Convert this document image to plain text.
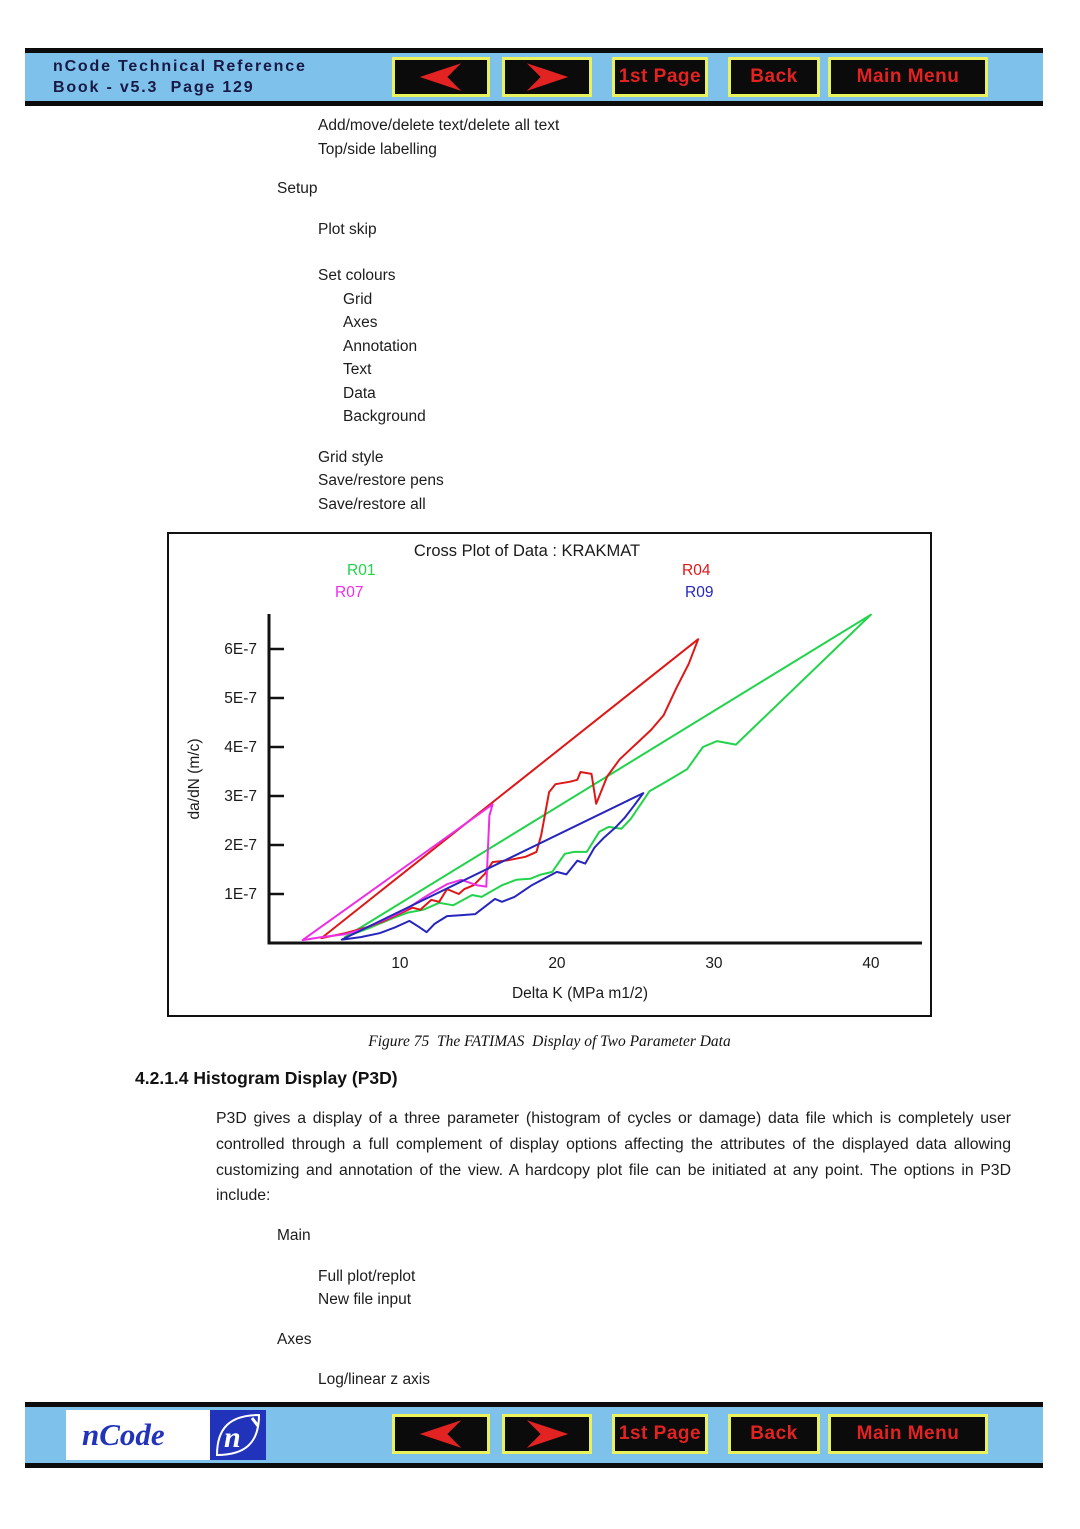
nCode Technical Reference
Book - v5.3  Page 129
1st Page	Back	Main Menu
Add/move/delete text/delete all text
Top/side labelling
Setup
Plot skip
Set colours
Grid
Axes
Annotation
Text
Data
Background
Grid style
Save/restore pens
Save/restore all
1E-7
2E-7
3E-7
4E-7
5E-7
6E-7
10	20	30	40
Delta K (MPa m1/2)
da/dN (m/c)
Cross Plot of Data : KRAKMAT
R01
R07
R04
R09
Figure 75  The FATIMAS  Display of Two Parameter Data
4.2.1.4 Histogram Display (P3D)

P3D gives a display of a three parameter (histogram of cycles or damage) data file which is completely user controlled through a full complement of display options affecting the attributes of the displayed data allowing customizing and annotation of the view. A hardcopy plot file can be initiated at any point. The options in P3D include:

Main
Full plot/replot
New file input
Axes
Log/linear z axis
nCode	n	1st Page	Back	Main Menu
